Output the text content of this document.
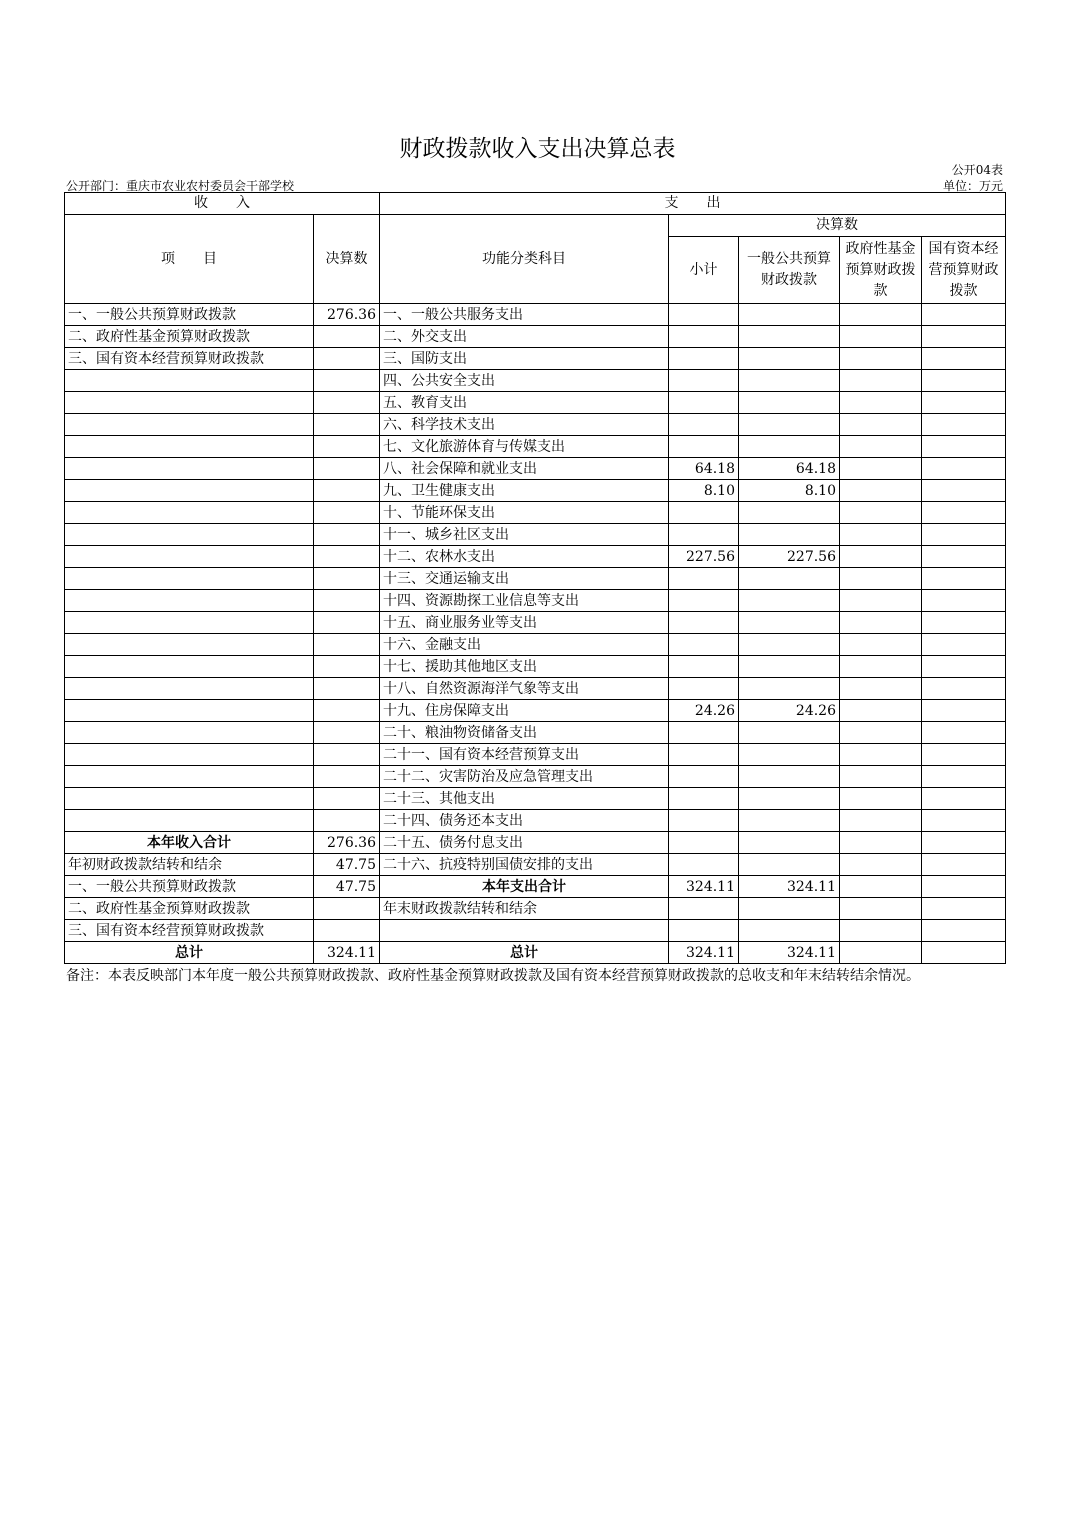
财政拨款收入支出决算总表
公开04表
公开部门：重庆市农业农村委员会干部学校	单位：万元
收　　入		支　　出				
项　　目	决算数	功能分类科目	决算数			
			小计	一般公共预算财政拨款	政府性基金预算财政拨款	国有资本经营预算财政拨款
一、一般公共预算财政拨款	276.36	一、一般公共服务支出				
二、政府性基金预算财政拨款		二、外交支出				
三、国有资本经营预算财政拨款		三、国防支出				
		四、公共安全支出				
		五、教育支出				
		六、科学技术支出				
		七、文化旅游体育与传媒支出				
		八、社会保障和就业支出	64.18	64.18		
		九、卫生健康支出	8.10	8.10		
		十、节能环保支出				
		十一、城乡社区支出				
		十二、农林水支出	227.56	227.56		
		十三、交通运输支出				
		十四、资源勘探工业信息等支出				
		十五、商业服务业等支出				
		十六、金融支出				
		十七、援助其他地区支出				
		十八、自然资源海洋气象等支出				
		十九、住房保障支出	24.26	24.26		
		二十、粮油物资储备支出				
		二十一、国有资本经营预算支出				
		二十二、灾害防治及应急管理支出				
		二十三、其他支出				
		二十四、债务还本支出				
本年收入合计	276.36	二十五、债务付息支出				
年初财政拨款结转和结余	47.75	二十六、抗疫特别国债安排的支出				
一、一般公共预算财政拨款	47.75	本年支出合计	324.11	324.11		
二、政府性基金预算财政拨款		年末财政拨款结转和结余				
三、国有资本经营预算财政拨款						
总计	324.11	总计	324.11	324.11		
备注：本表反映部门本年度一般公共预算财政拨款、政府性基金预算财政拨款及国有资本经营预算财政拨款的总收支和年末结转结余情况。
